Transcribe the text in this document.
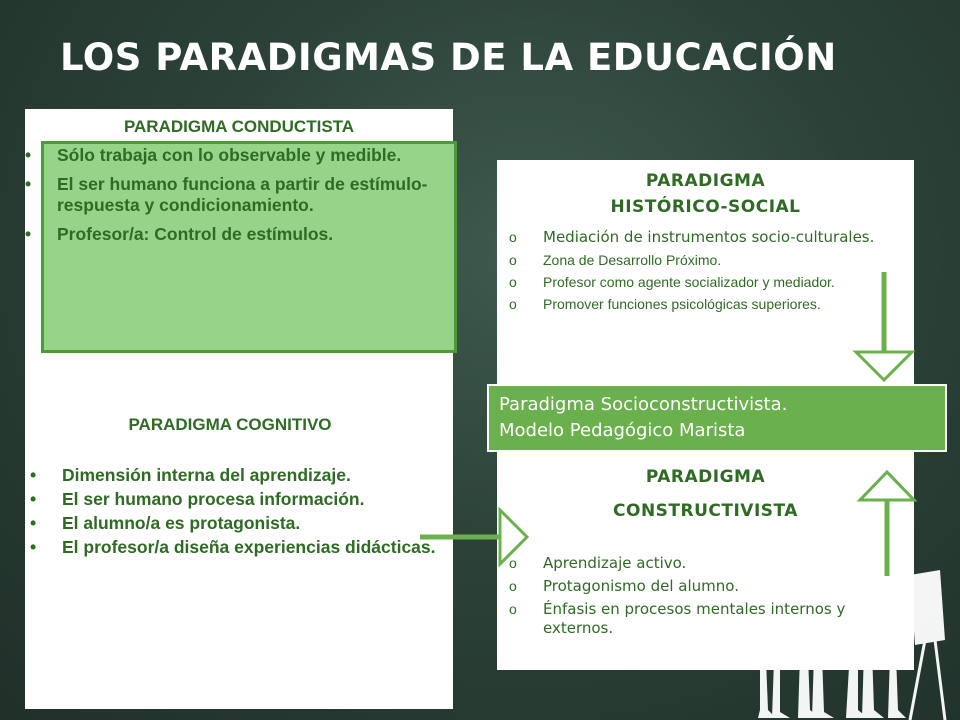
LOS PARADIGMAS DE LA EDUCACIÓN
PARADIGMA CONDUCTISTA
• Sólo trabaja con lo observable y medible.
• El ser humano funciona a partir de estímulo-respuesta y condicionamiento.
• Profesor/a: Control de estímulos.
PARADIGMA COGNITIVO
• Dimensión interna del aprendizaje.
• El ser humano procesa información.
• El alumno/a es protagonista.
• El profesor/a diseña experiencias didácticas.
PARADIGMA
HISTÓRICO-SOCIAL
o Mediación de instrumentos socio-culturales.
o Zona de Desarrollo Próximo.
o Profesor como agente socializador y mediador.
o Promover funciones psicológicas superiores.
PARADIGMA
CONSTRUCTIVISTA
o Aprendizaje activo.
o Protagonismo del alumno.
o Énfasis en procesos mentales internos y externos.
Paradigma Socioconstructivista.
Modelo Pedagógico Marista
